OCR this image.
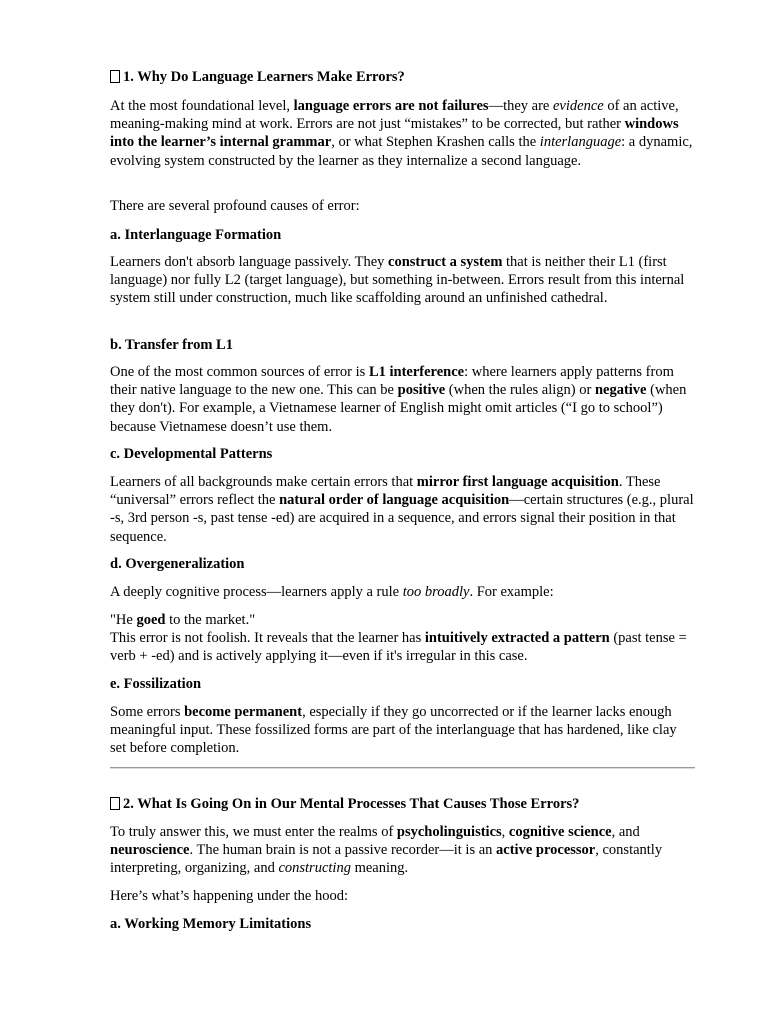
1. Why Do Language Learners Make Errors?

At the most foundational level, language errors are not failures—they are evidence of an active, meaning-making mind at work. Errors are not just “mistakes” to be corrected, but rather windows into the learner’s internal grammar, or what Stephen Krashen calls the interlanguage: a dynamic, evolving system constructed by the learner as they internalize a second language.

There are several profound causes of error:

a. Interlanguage Formation

Learners don't absorb language passively. They construct a system that is neither their L1 (first language) nor fully L2 (target language), but something in-between. Errors result from this internal system still under construction, much like scaffolding around an unfinished cathedral.

b. Transfer from L1

One of the most common sources of error is L1 interference: where learners apply patterns from their native language to the new one. This can be positive (when the rules align) or negative (when they don't). For example, a Vietnamese learner of English might omit articles (“I go to school”) because Vietnamese doesn’t use them.

c. Developmental Patterns

Learners of all backgrounds make certain errors that mirror first language acquisition. These “universal” errors reflect the natural order of language acquisition—certain structures (e.g., plural -s, 3rd person -s, past tense -ed) are acquired in a sequence, and errors signal their position in that sequence.

d. Overgeneralization

A deeply cognitive process—learners apply a rule too broadly. For example:

"He goed to the market."
This error is not foolish. It reveals that the learner has intuitively extracted a pattern (past tense = verb + -ed) and is actively applying it—even if it's irregular in this case.

e. Fossilization

Some errors become permanent, especially if they go uncorrected or if the learner lacks enough meaningful input. These fossilized forms are part of the interlanguage that has hardened, like clay set before completion.

2. What Is Going On in Our Mental Processes That Causes Those Errors?

To truly answer this, we must enter the realms of psycholinguistics, cognitive science, and neuroscience. The human brain is not a passive recorder—it is an active processor, constantly interpreting, organizing, and constructing meaning.

Here’s what’s happening under the hood:

a. Working Memory Limitations
